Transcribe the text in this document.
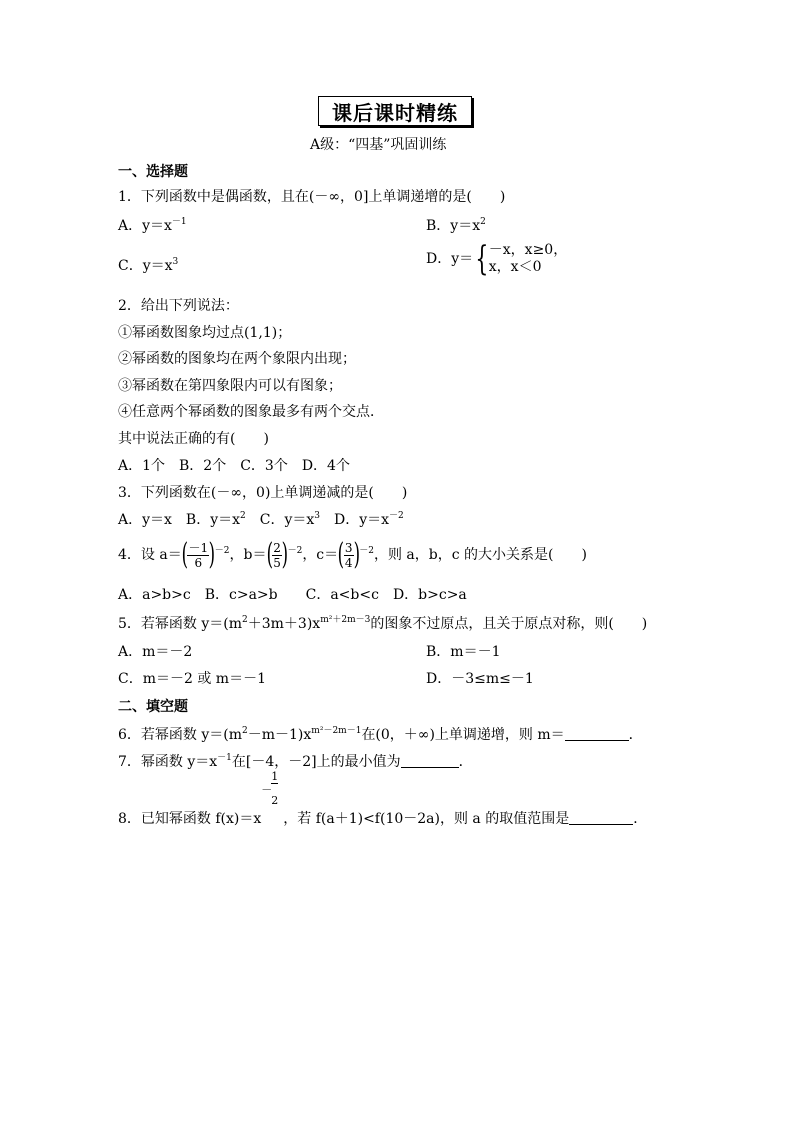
课后课时精练
A级：“四基”巩固训练
一、选择题
1．下列函数中是偶函数，且在(－∞，0]上单调递增的是(　　)
A．$y=x^{-1}$	B．$y=x^2$
C．$y=x^3$	D．y＝{－x，x≥0，
x，x＜0
2．给出下列说法：
①幂函数图象均过点(1,1)；
②幂函数的图象均在两个象限内出现；
③幂函数在第四象限内可以有图象；
④任意两个幂函数的图象最多有两个交点．
其中说法正确的有(　　)
A．1个　B．2个　C．3个　D．4个
3．下列函数在(－∞，0)上单调递减的是(　　)
A．y＝x　B．$y=x^2$　C．$y=x^3$　D．$y=x^{-2}$
4．设 $a=( \frac{-1}{6} )^{-2}$，$b=( \frac{2}{5} )^{-2}$，$c=( \frac{3}{4} )^{-2}$，则 a，b，c 的大小关系是(　　)
A．a>b>c　B．c>a>b　　C．a<b<c　D．b>c>a
5．若幂函数 $y=(m^2+3m+3)x^{m^2+2m-3}$的图象不过原点，且关于原点对称，则(　　)
A．m＝－2	B．m＝－1
C．m＝－2 或 m＝－1	D．－3≤m≤－1
二、填空题
6．若幂函数 $y=(m^2-m-1)x^{m^2-2m-1}$在(0，＋∞)上单调递增，则 m＝	．
7．幂函数 $y=x^{-1}$在[－4，－2]上的最小值为	．
8．已知幂函数 f(x)＝x
－
1
2
，若 f(a＋1)<f(10－2a)，则 a 的取值范围是	．
